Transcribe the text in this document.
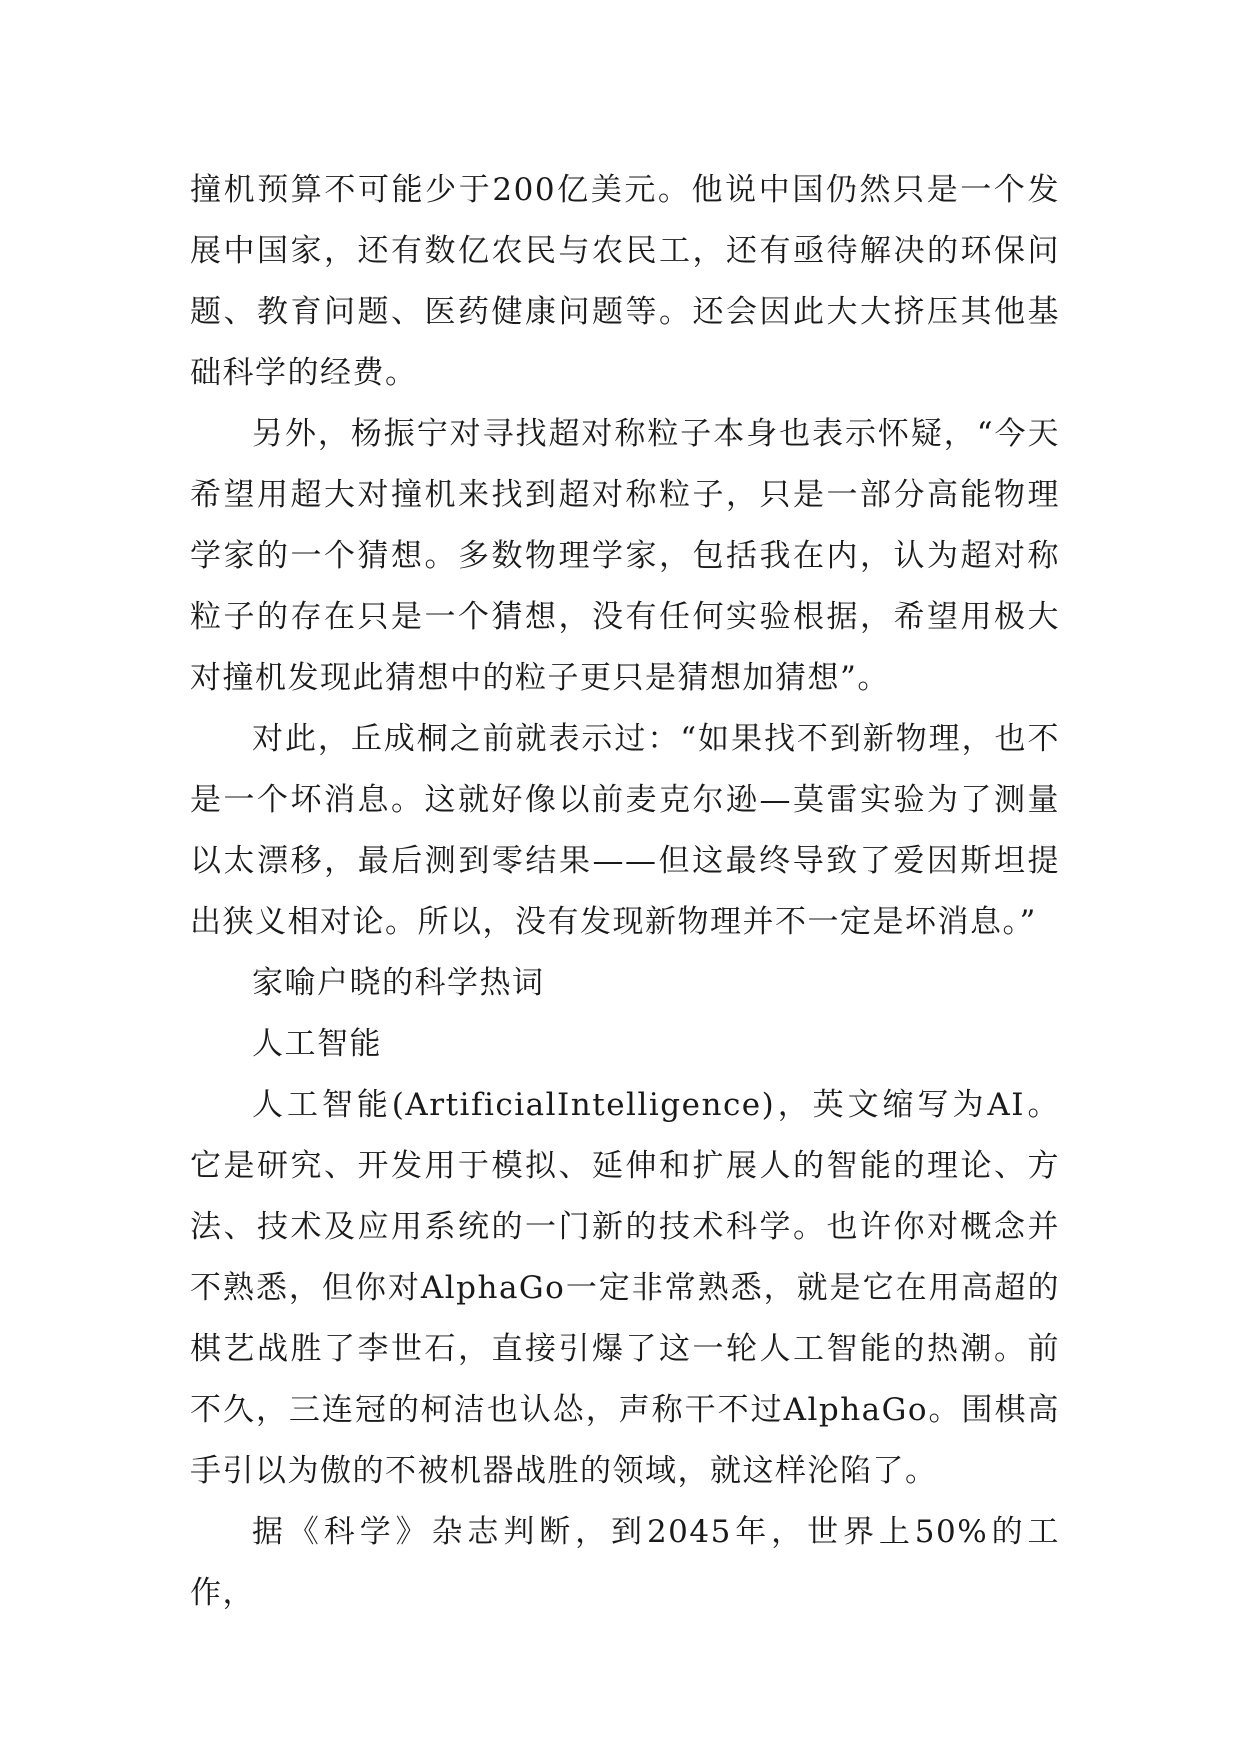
撞机预算不可能少于200亿美元。他说中国仍然只是一个发展中国家，还有数亿农民与农民工，还有亟待解决的环保问题、教育问题、医药健康问题等。还会因此大大挤压其他基础科学的经费。

另外，杨振宁对寻找超对称粒子本身也表示怀疑，“今天希望用超大对撞机来找到超对称粒子，只是一部分高能物理学家的一个猜想。多数物理学家，包括我在内，认为超对称粒子的存在只是一个猜想，没有任何实验根据，希望用极大对撞机发现此猜想中的粒子更只是猜想加猜想”。

对此，丘成桐之前就表示过：“如果找不到新物理，也不是一个坏消息。这就好像以前麦克尔逊—莫雷实验为了测量以太漂移，最后测到零结果——但这最终导致了爱因斯坦提出狭义相对论。所以，没有发现新物理并不一定是坏消息。”

家喻户晓的科学热词

人工智能

人工智能(ArtificialIntelligence)，英文缩写为AI。它是研究、开发用于模拟、延伸和扩展人的智能的理论、方法、技术及应用系统的一门新的技术科学。也许你对概念并不熟悉，但你对AlphaGo一定非常熟悉，就是它在用高超的棋艺战胜了李世石，直接引爆了这一轮人工智能的热潮。前不久，三连冠的柯洁也认怂，声称干不过AlphaGo。围棋高手引以为傲的不被机器战胜的领域，就这样沦陷了。

据《科学》杂志判断，到2045年，世界上50%的工作，
